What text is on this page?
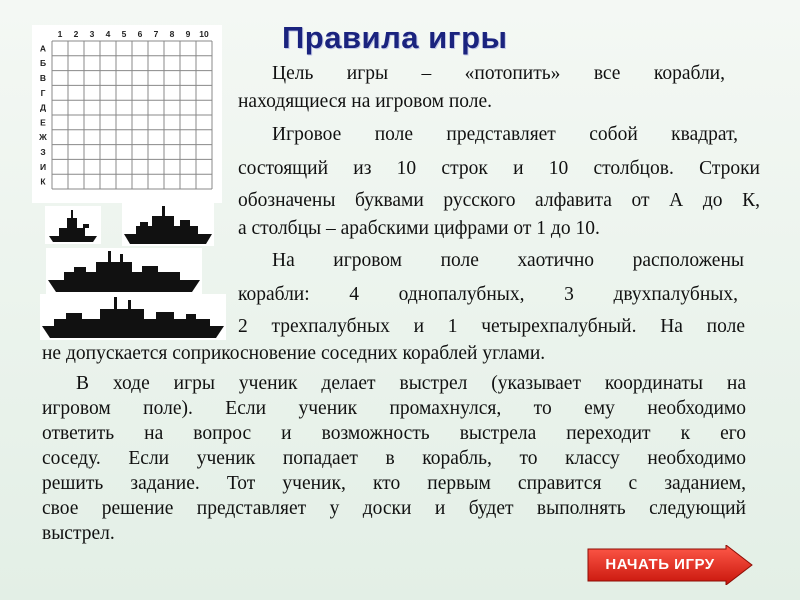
Правила игры
1 2 3 4 5 6 7 8 9 10
А
Б
В
Г
Д
Е
Ж
З
И
К

Цель игры – «потопить» все корабли,

находящиеся на игровом поле.

Игровое поле представляет собой квадрат,

состоящий из 10 строк и 10 столбцов. Строки

обозначены буквами русского алфавита от А до К,

а столбцы – арабскими цифрами от 1 до 10.

На игровом поле хаотично расположены

корабли: 4 однопалубных, 3 двухпалубных,

2 трехпалубных и 1 четырехпалубный. На поле

не допускается соприкосновение соседних кораблей углами.

В ходе игры ученик делает выстрел (указывает координаты на

игровом поле). Если ученик промахнулся, то ему необходимо

ответить на вопрос и возможность выстрела переходит к его

соседу. Если ученик попадает в корабль, то классу необходимо

решить задание. Тот ученик, кто первым справится с заданием,

свое решение представляет у доски и будет выполнять следующий

выстрел.

НАЧАТЬ ИГРУ
